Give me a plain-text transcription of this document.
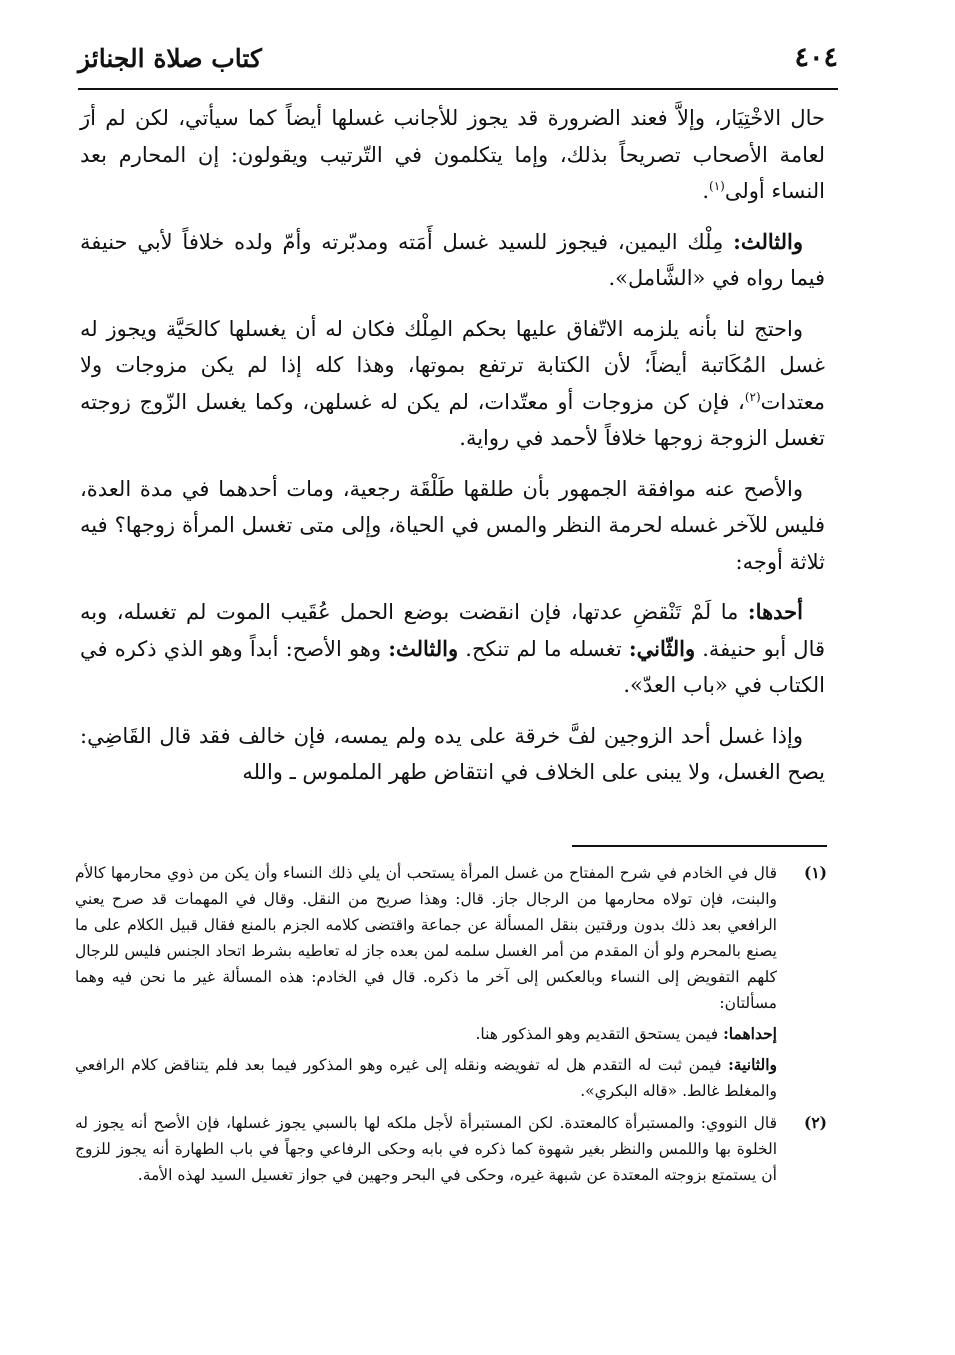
٤٠٤
كتاب صلاة الجنائز

حال الاخْتِيَار، وإلاَّ فعند الضرورة قد يجوز للأجانب غسلها أيضاً كما سيأتي، لكن لم أرَ لعامة الأصحاب تصريحاً بذلك، وإما يتكلمون في التّرتيب ويقولون: إن المحارم بعد النساء أولى$^{(١)}$.

والثالث: مِلْك اليمين، فيجوز للسيد غسل أَمَته ومدبّرته وأمّ ولده خلافاً لأبي حنيفة فيما رواه في «الشَّامل».

واحتج لنا بأنه يلزمه الاتّفاق عليها بحكم المِلْك فكان له أن يغسلها كالحَيَّة ويجوز له غسل المُكَاتبة أيضاً؛ لأن الكتابة ترتفع بموتها، وهذا كله إذا لم يكن مزوجات ولا معتدات$^{(٢)}$، فإن كن مزوجات أو معتّدات، لم يكن له غسلهن، وكما يغسل الزّوج زوجته تغسل الزوجة زوجها خلافاً لأحمد في رواية.

والأصح عنه موافقة الجمهور بأن طلقها طَلْقَة رجعية، ومات أحدهما في مدة العدة، فليس للآخر غسله لحرمة النظر والمس في الحياة، وإلى متى تغسل المرأة زوجها؟ فيه ثلاثة أوجه:

أحدها: ما لَمْ تَنْقضِ عدتها، فإن انقضت بوضع الحمل عُقَيب الموت لم تغسله، وبه قال أبو حنيفة. والثّاني: تغسله ما لم تنكح. والثالث: وهو الأصح: أبداً وهو الذي ذكره في الكتاب في «باب العدّ».

وإذا غسل أحد الزوجين لفَّ خرقة على يده ولم يمسه، فإن خالف فقد قال القَاضِي: يصح الغسل، ولا يبنى على الخلاف في انتقاض طهر الملموس ـ والله

(١)

قال في الخادم في شرح المفتاح من غسل المرأة يستحب أن يلي ذلك النساء وأن يكن من ذوي محارمها كالأم والبنت، فإن تولاه محارمها من الرجال جاز. قال: وهذا صريح من النقل. وقال في المهمات قد صرح يعني الرافعي بعد ذلك بدون ورقتين بنقل المسألة عن جماعة واقتضى كلامه الجزم بالمنع فقال قبيل الكلام على ما يصنع بالمحرم ولو أن المقدم من أمر الغسل سلمه لمن بعده جاز له تعاطيه بشرط اتحاد الجنس فليس للرجال كلهم التفويض إلى النساء وبالعكس إلى آخر ما ذكره. قال في الخادم: هذه المسألة غير ما نحن فيه وهما مسألتان:

إحداهما: فيمن يستحق التقديم وهو المذكور هنا.

والثانية: فيمن ثبت له التقدم هل له تفويضه ونقله إلى غيره وهو المذكور فيما بعد فلم يتناقض كلام الرافعي والمغلط غالط. «قاله البكري».

(٢)

قال النووي: والمستبرأة كالمعتدة. لكن المستبرأة لأجل ملكه لها بالسبي يجوز غسلها، فإن الأصح أنه يجوز له الخلوة بها واللمس والنظر بغير شهوة كما ذكره في بابه وحكى الرفاعي وجهاً في باب الطهارة أنه يجوز للزوج أن يستمتع بزوجته المعتدة عن شبهة غيره، وحكى في البحر وجهين في جواز تغسيل السيد لهذه الأمة.
